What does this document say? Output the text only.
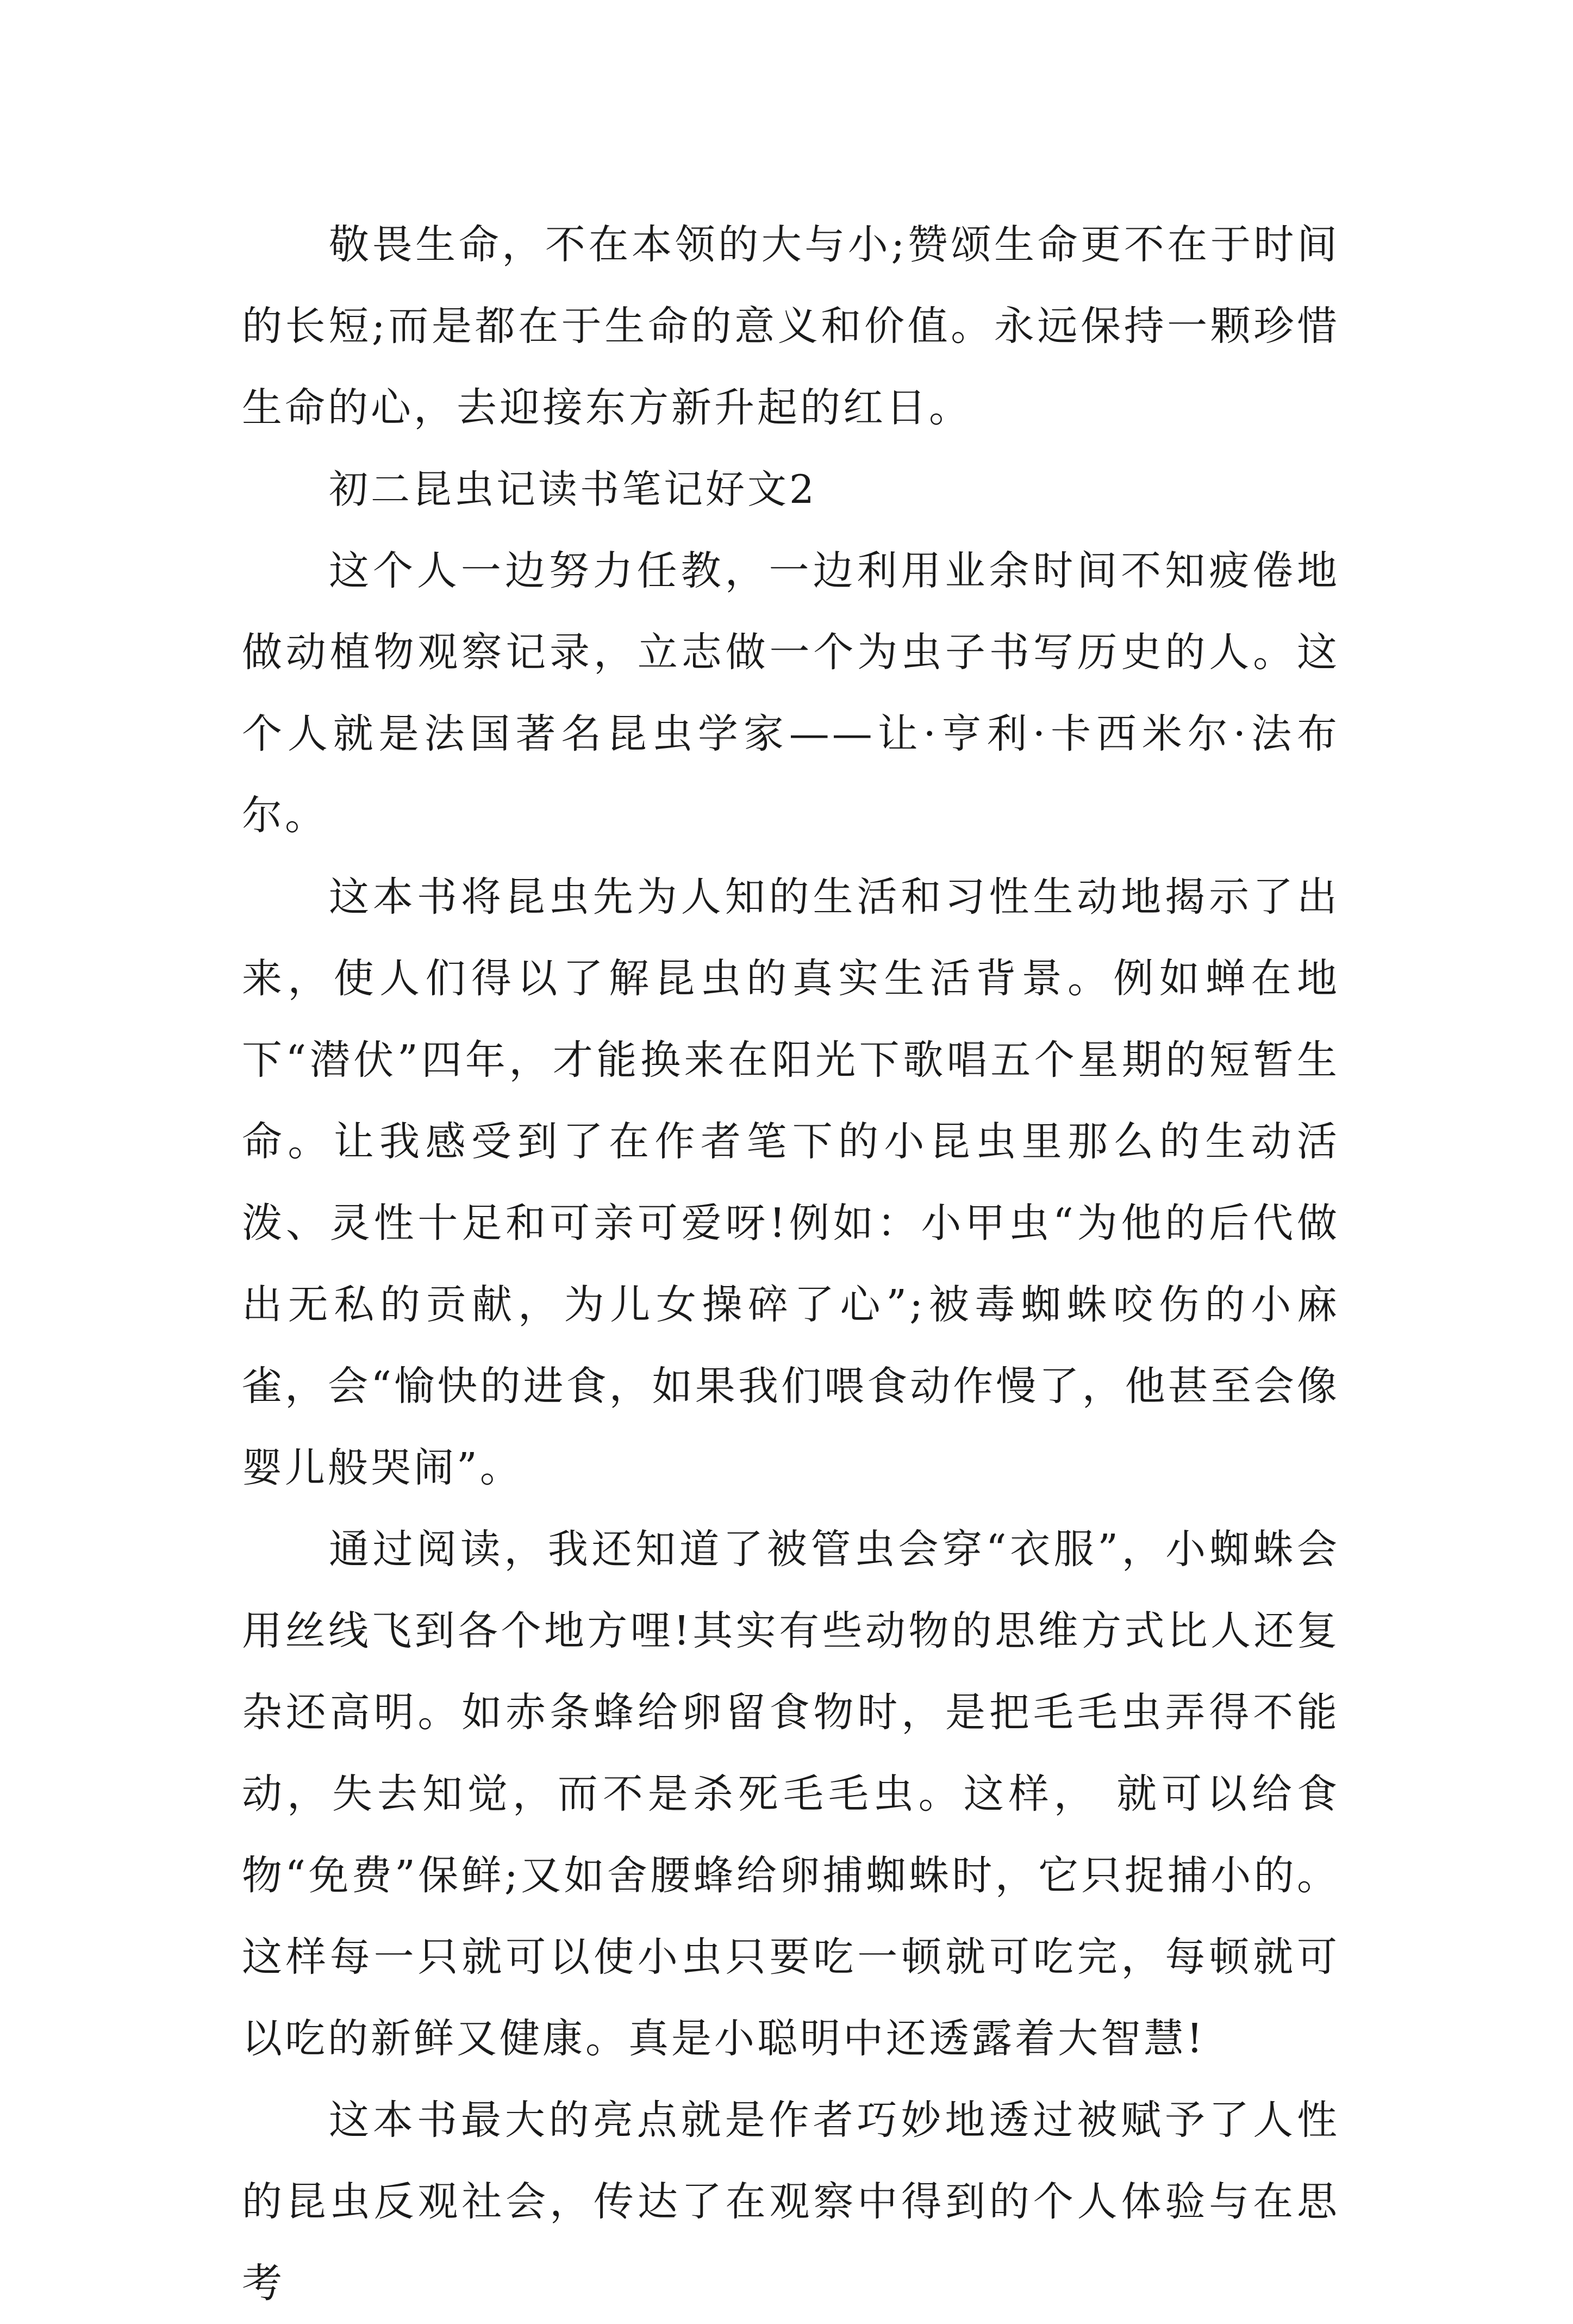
敬畏生命，不在本领的大与小;赞颂生命更不在于时间的长短;而是都在于生命的意义和价值。永远保持一颗珍惜生命的心，去迎接东方新升起的红日。

初二昆虫记读书笔记好文2

这个人一边努力任教，一边利用业余时间不知疲倦地做动植物观察记录，立志做一个为虫子书写历史的人。这个人就是法国著名昆虫学家——让·亨利·卡西米尔·法布尔。

这本书将昆虫先为人知的生活和习性生动地揭示了出来，使人们得以了解昆虫的真实生活背景。例如蝉在地下“潜伏”四年，才能换来在阳光下歌唱五个星期的短暂生命。让我感受到了在作者笔下的小昆虫里那么的生动活泼、灵性十足和可亲可爱呀!例如：小甲虫“为他的后代做出无私的贡献，为儿女操碎了心”;被毒蜘蛛咬伤的小麻雀，会“愉快的进食，如果我们喂食动作慢了，他甚至会像婴儿般哭闹”。

通过阅读，我还知道了被管虫会穿“衣服”，小蜘蛛会用丝线飞到各个地方哩!其实有些动物的思维方式比人还复杂还高明。如赤条蜂给卵留食物时，是把毛毛虫弄得不能动，失去知觉，而不是杀死毛毛虫。这样， 就可以给食物“免费”保鲜;又如舍腰蜂给卵捕蜘蛛时，它只捉捕小的。这样每一只就可以使小虫只要吃一顿就可吃完，每顿就可以吃的新鲜又健康。真是小聪明中还透露着大智慧!

这本书最大的亮点就是作者巧妙地透过被赋予了人性的昆虫反观社会，传达了在观察中得到的个人体验与在思考
